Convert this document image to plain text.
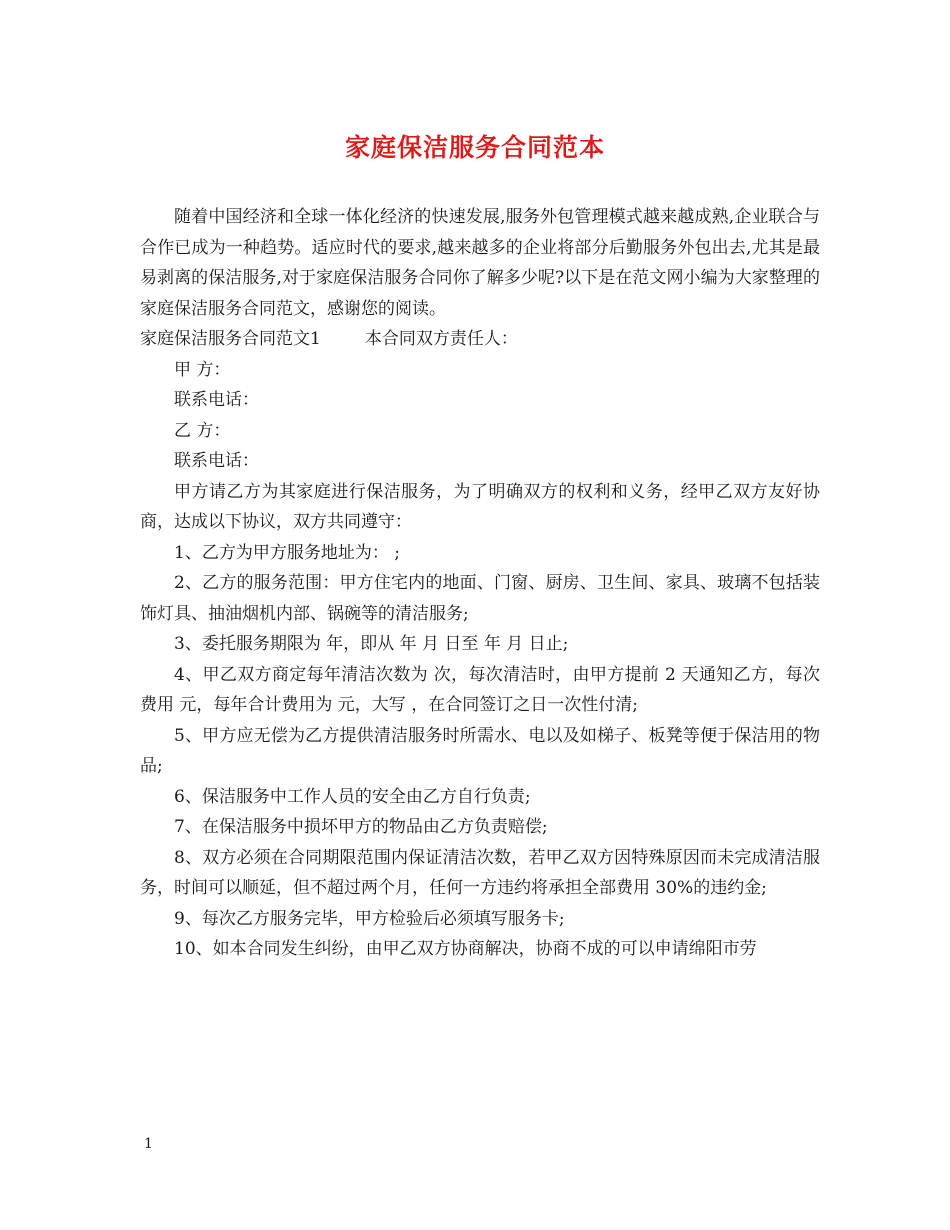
家庭保洁服务合同范本

随着中国经济和全球一体化经济的快速发展,服务外包管理模式越来越成熟,企业联合与合作已成为一种趋势。适应时代的要求,越来越多的企业将部分后勤服务外包出去,尤其是最易剥离的保洁服务,对于家庭保洁服务合同你了解多少呢?以下是在范文网小编为大家整理的家庭保洁服务合同范文，感谢您的阅读。

家庭保洁服务合同范文1	本合同双方责任人：

甲 方：

联系电话：

乙 方：

联系电话：

甲方请乙方为其家庭进行保洁服务，为了明确双方的权利和义务，经甲乙双方友好协商，达成以下协议，双方共同遵守：

1、乙方为甲方服务地址为： ;

2、乙方的服务范围：甲方住宅内的地面、门窗、厨房、卫生间、家具、玻璃不包括装饰灯具、抽油烟机内部、锅碗等的清洁服务;

3、委托服务期限为 年，即从 年 月 日至 年 月 日止;

4、甲乙双方商定每年清洁次数为 次，每次清洁时，由甲方提前 2 天通知乙方，每次费用 元，每年合计费用为 元，大写 ，在合同签订之日一次性付清;

5、甲方应无偿为乙方提供清洁服务时所需水、电以及如梯子、板凳等便于保洁用的物品;

6、保洁服务中工作人员的安全由乙方自行负责;

7、在保洁服务中损坏甲方的物品由乙方负责赔偿;

8、双方必须在合同期限范围内保证清洁次数，若甲乙双方因特殊原因而未完成清洁服务，时间可以顺延，但不超过两个月，任何一方违约将承担全部费用 30%的违约金;

9、每次乙方服务完毕，甲方检验后必须填写服务卡;

10、如本合同发生纠纷，由甲乙双方协商解决，协商不成的可以申请绵阳市劳

1
